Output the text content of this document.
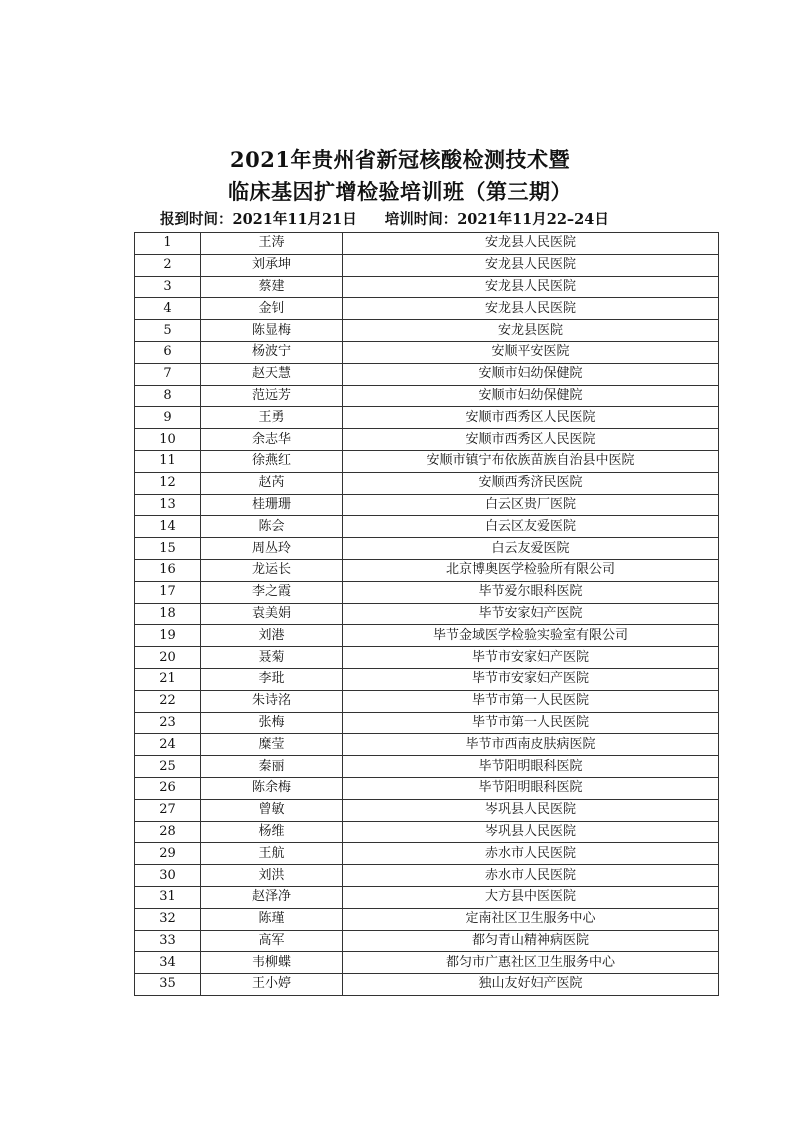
2021年贵州省新冠核酸检测技术暨
临床基因扩增检验培训班（第三期）
报到时间：2021年11月21日 培训时间：2021年11月22–24日
1	王涛	安龙县人民医院
2	刘承坤	安龙县人民医院
3	蔡建	安龙县人民医院
4	金钊	安龙县人民医院
5	陈显梅	安龙县医院
6	杨波宁	安顺平安医院
7	赵天慧	安顺市妇幼保健院
8	范远芳	安顺市妇幼保健院
9	王勇	安顺市西秀区人民医院
10	余志华	安顺市西秀区人民医院
11	徐燕红	安顺市镇宁布依族苗族自治县中医院
12	赵芮	安顺西秀济民医院
13	桂珊珊	白云区贵厂医院
14	陈会	白云区友爱医院
15	周丛玲	白云友爱医院
16	龙运长	北京博奥医学检验所有限公司
17	李之霞	毕节爱尔眼科医院
18	袁美娟	毕节安家妇产医院
19	刘港	毕节金域医学检验实验室有限公司
20	聂菊	毕节市安家妇产医院
21	李玭	毕节市安家妇产医院
22	朱诗洺	毕节市第一人民医院
23	张梅	毕节市第一人民医院
24	糜莹	毕节市西南皮肤病医院
25	秦丽	毕节阳明眼科医院
26	陈余梅	毕节阳明眼科医院
27	曾敏	岑巩县人民医院
28	杨维	岑巩县人民医院
29	王航	赤水市人民医院
30	刘洪	赤水市人民医院
31	赵泽净	大方县中医医院
32	陈瑾	定南社区卫生服务中心
33	高军	都匀青山精神病医院
34	韦柳蝶	都匀市广惠社区卫生服务中心
35	王小婷	独山友好妇产医院
